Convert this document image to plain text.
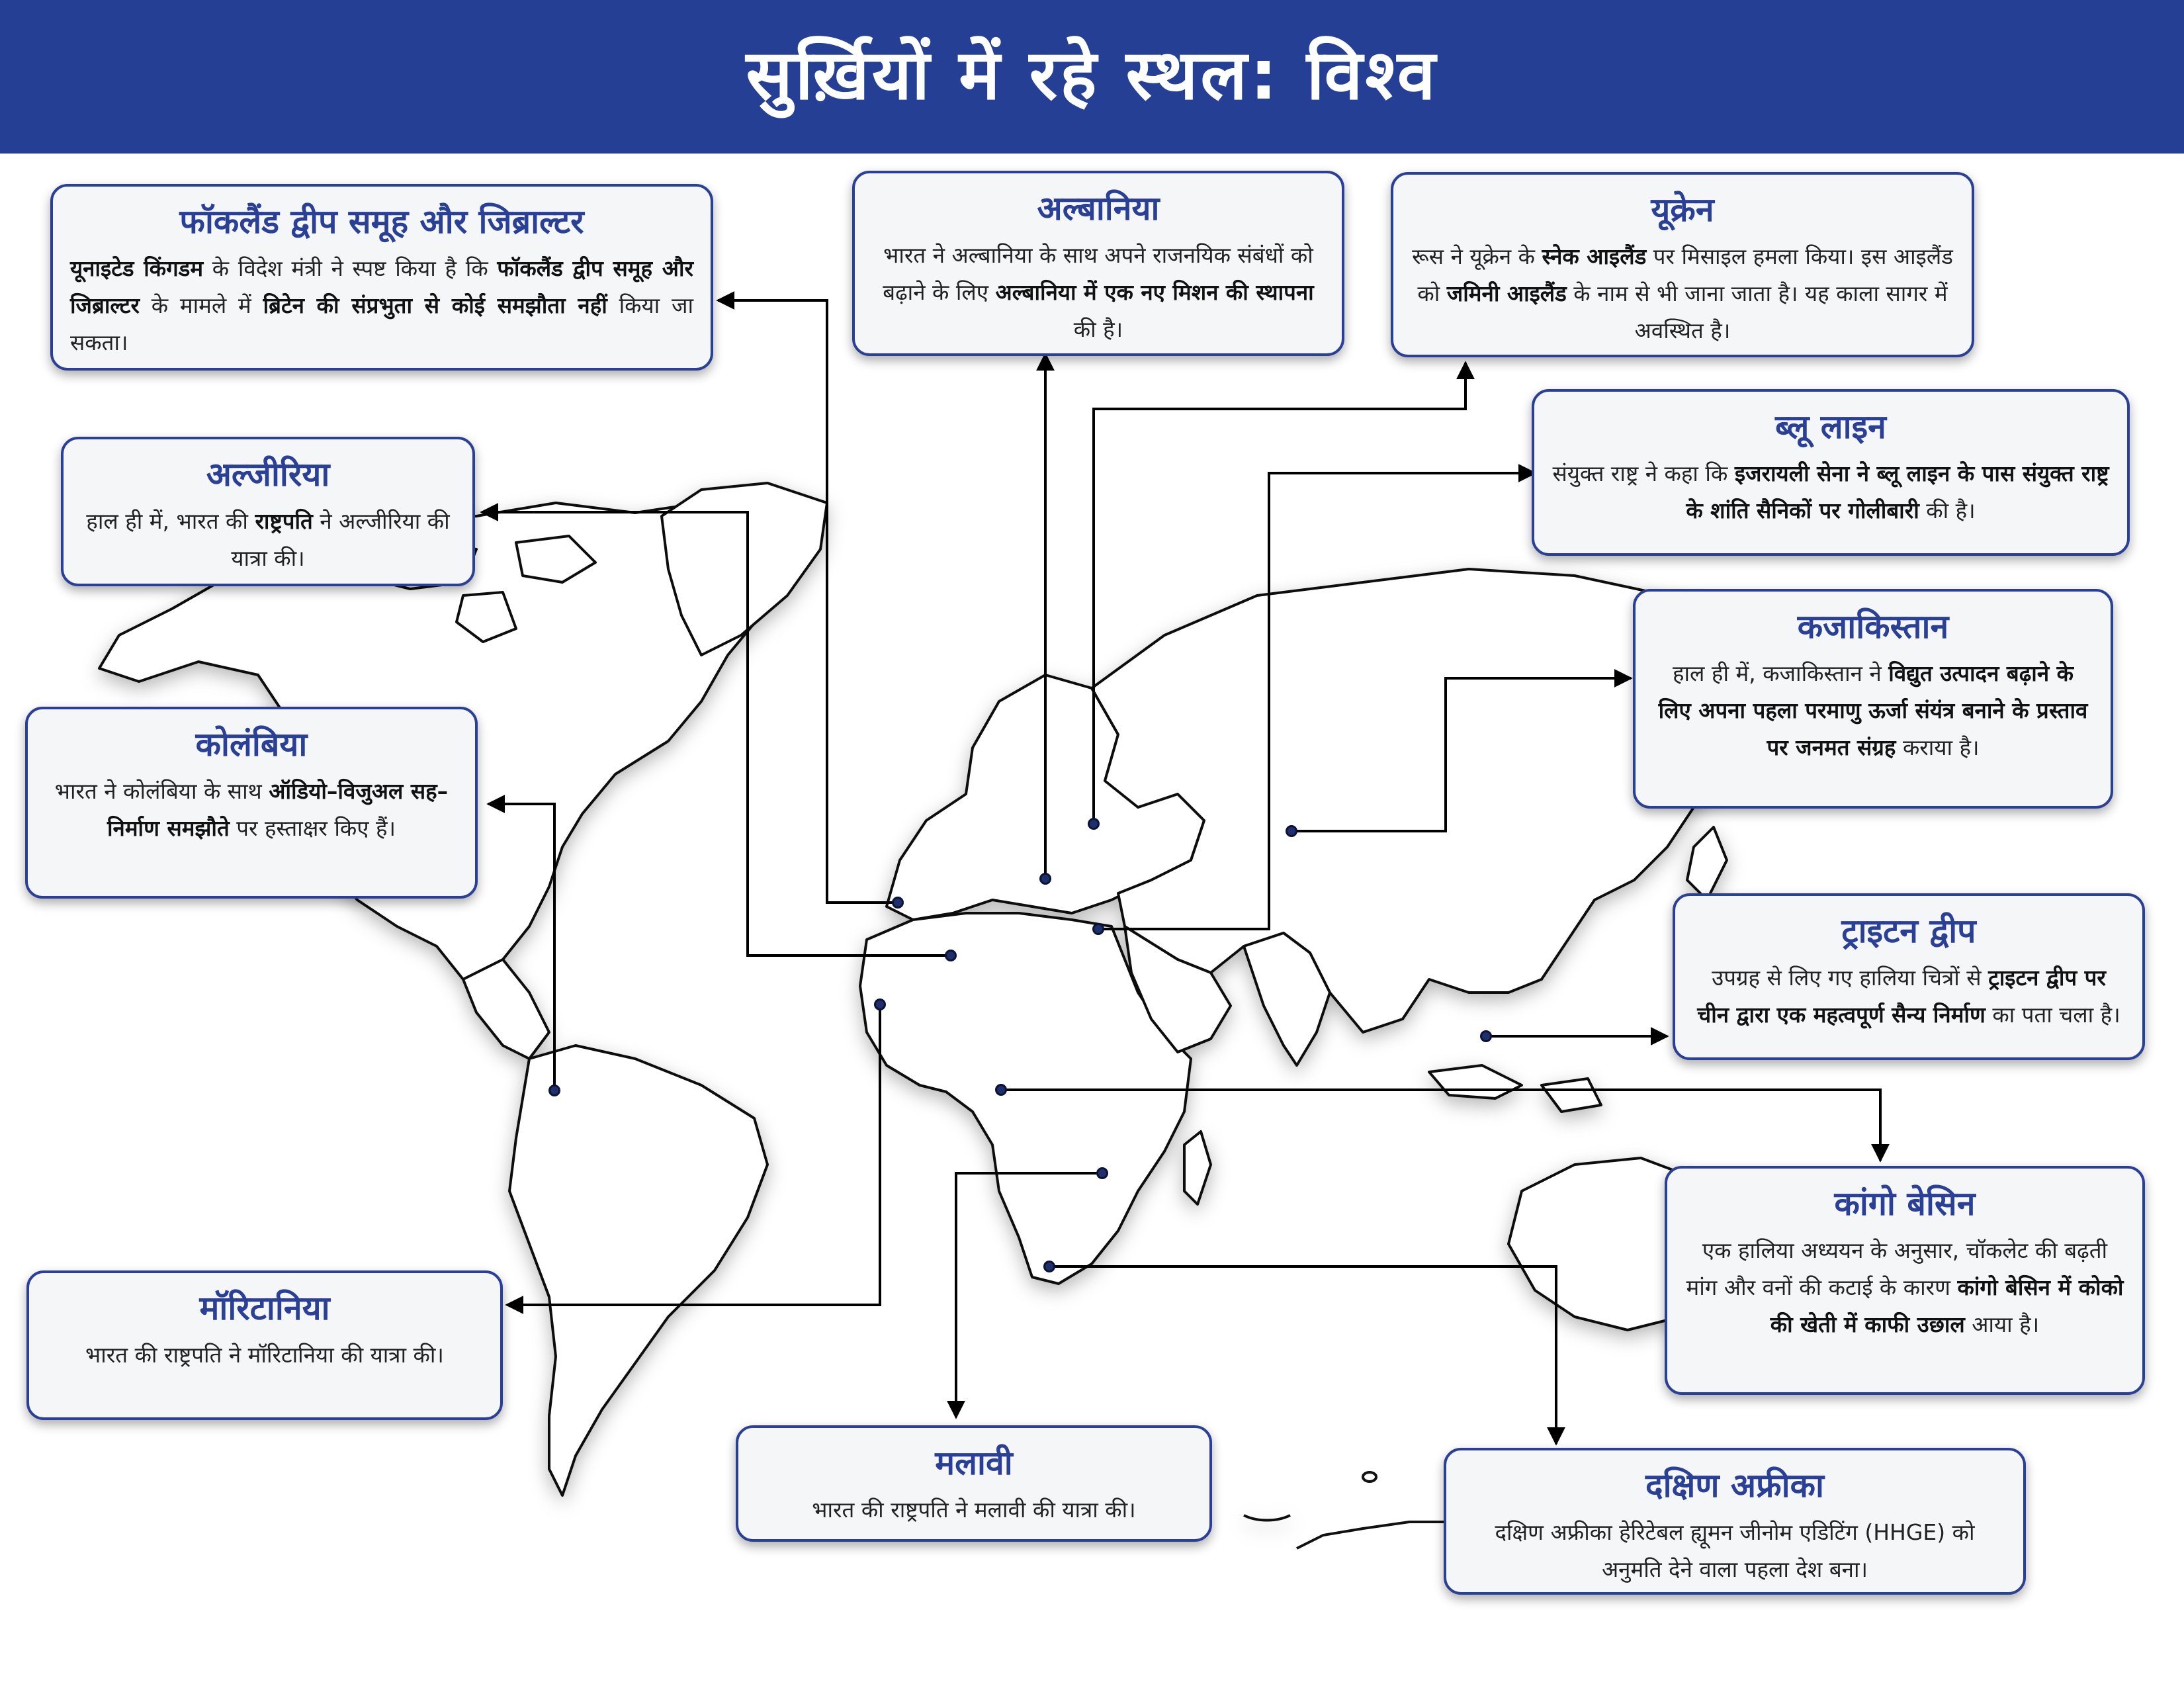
सुर्ख़ियों में रहे स्थल: विश्व
फॉकलैंड द्वीप समूह और जिब्राल्टर

यूनाइटेड किंगडम के विदेश मंत्री ने स्पष्ट किया है कि फॉकलैंड द्वीप समूह और जिब्राल्टर के मामले में ब्रिटेन की संप्रभुता से कोई समझौता नहीं किया जा सकता।

अल्बानिया

भारत ने अल्बानिया के साथ अपने राजनयिक संबंधों को बढ़ाने के लिए अल्बानिया में एक नए मिशन की स्थापना की है।

यूक्रेन

रूस ने यूक्रेन के स्नेक आइलैंड पर मिसाइल हमला किया। इस आइलैंड को जमिनी आइलैंड के नाम से भी जाना जाता है। यह काला सागर में अवस्थित है।

ब्लू लाइन

संयुक्त राष्ट्र ने कहा कि इजरायली सेना ने ब्लू लाइन के पास संयुक्त राष्ट्र के शांति सैनिकों पर गोलीबारी की है।

अल्जीरिया

हाल ही में, भारत की राष्ट्रपति ने अल्जीरिया की यात्रा की।

कजाकिस्तान

हाल ही में, कजाकिस्तान ने विद्युत उत्पादन बढ़ाने के लिए अपना पहला परमाणु ऊर्जा संयंत्र बनाने के प्रस्ताव पर जनमत संग्रह कराया है।

कोलंबिया

भारत ने कोलंबिया के साथ ऑडियो–विजुअल सह–निर्माण समझौते पर हस्ताक्षर किए हैं।

ट्राइटन द्वीप

उपग्रह से लिए गए हालिया चित्रों से ट्राइटन द्वीप पर चीन द्वारा एक महत्वपूर्ण सैन्य निर्माण का पता चला है।

कांगो बेसिन

एक हालिया अध्ययन के अनुसार, चॉकलेट की बढ़ती मांग और वनों की कटाई के कारण कांगो बेसिन में कोको की खेती में काफी उछाल आया है।

मॉरिटानिया

भारत की राष्ट्रपति ने मॉरिटानिया की यात्रा की।

मलावी

भारत की राष्ट्रपति ने मलावी की यात्रा की।

दक्षिण अफ्रीका

दक्षिण अफ्रीका हेरिटेबल ह्यूमन जीनोम एडिटिंग (HHGE) को अनुमति देने वाला पहला देश बना।
